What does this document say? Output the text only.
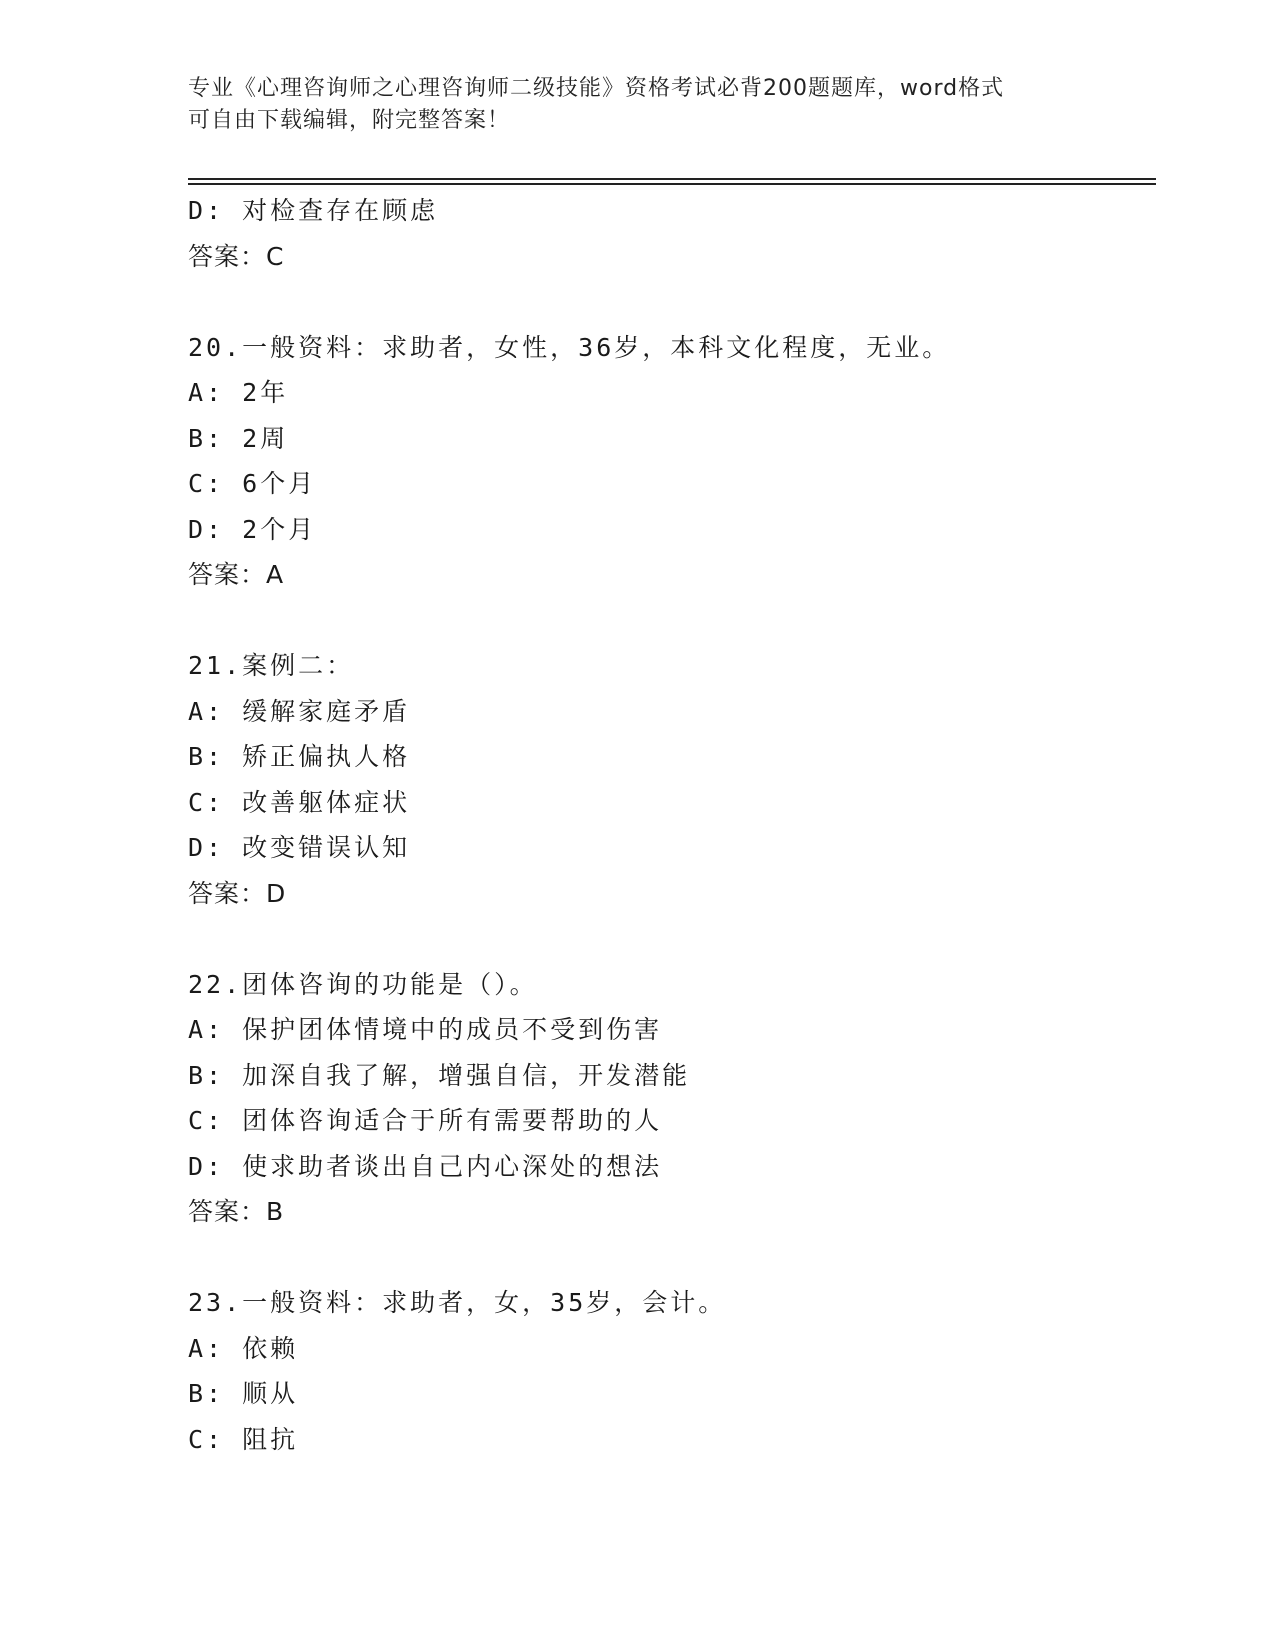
专业《心理咨询师之心理咨询师二级技能》资格考试必背200题题库，word格式
可自由下载编辑，附完整答案！
D: 对检查存在顾虑
答案：C
20.一般资料：求助者，女性，36岁，本科文化程度，无业。
A: 2年
B: 2周
C: 6个月
D: 2个月
答案：A
21.案例二：
A: 缓解家庭矛盾
B: 矫正偏执人格
C: 改善躯体症状
D: 改变错误认知
答案：D
22.团体咨询的功能是（）。
A: 保护团体情境中的成员不受到伤害
B: 加深自我了解，增强自信，开发潜能
C: 团体咨询适合于所有需要帮助的人
D: 使求助者谈出自己内心深处的想法
答案：B
23.一般资料：求助者，女，35岁，会计。
A: 依赖
B: 顺从
C: 阻抗
